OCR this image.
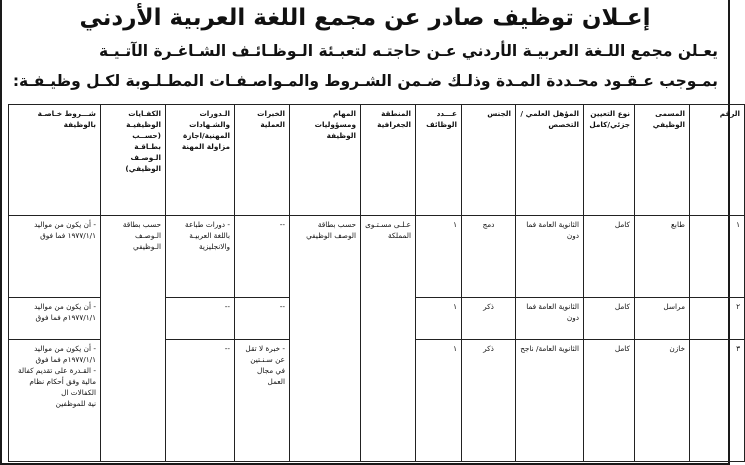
إعـلان توظيف صادر عن مجمع اللغة العربية الأردني
يعـلن مجمع اللـغة العربيـة الأردني عـن حاجتـه لتعبـئة الـوظـائـف الشـاغـرة الآتـيـة
بمـوجب عـقـود محـددة المـدة وذلـك ضـمن الشـروط والمـواصـفـات المطـلـوبة لكـل وظيـفـة:
الرقم	المسمى الوظيفي	نوع التعيين جزئي/كامل	المؤهل العلمي / التخصص	الجنس	عـــدد الوظائف	المنطقة الجغرافية	المهام ومسؤوليات الوظيفة	الخبرات العملية	الـدورات والشـهادات المهنية/اجازة مزاولة المهنة	الكفـايات الوظيفيـة (حســب بطـاقـة الـوصـف الوظيفي)	شـــروط خـاصـة بالوظيفة
١	طابع	كامل	الثانوية العامة فما دون	دمج	١	عـلـى مسـتـوى المملكة	حسب بطاقة الوصف الوظيفي	--	- دورات طباعة باللغة العربيـة والانجليزية	حسب بطاقة الـوصـف الـوظيفي	- أن يكون من مواليد ١٩٧٧/١/١ فما فوق
٢	مراسل	كامل	الثانوية العامة فما دون	ذكر	١			--	--		- أن يكون من مواليد ١٩٧٧/١/١م فما فوق
٣	خازن	كامل	الثانوية العامة/ ناجح	ذكر	١			- خبرة لا تقل عن سـنـتين في مجال العمل	--		- أن يكون من مواليد ١٩٧٧/١/١م فما فوق
- القـدرة على تقديم كفالة مالية وفق أحكام نظام الكفالات ال
نية للموظفين
